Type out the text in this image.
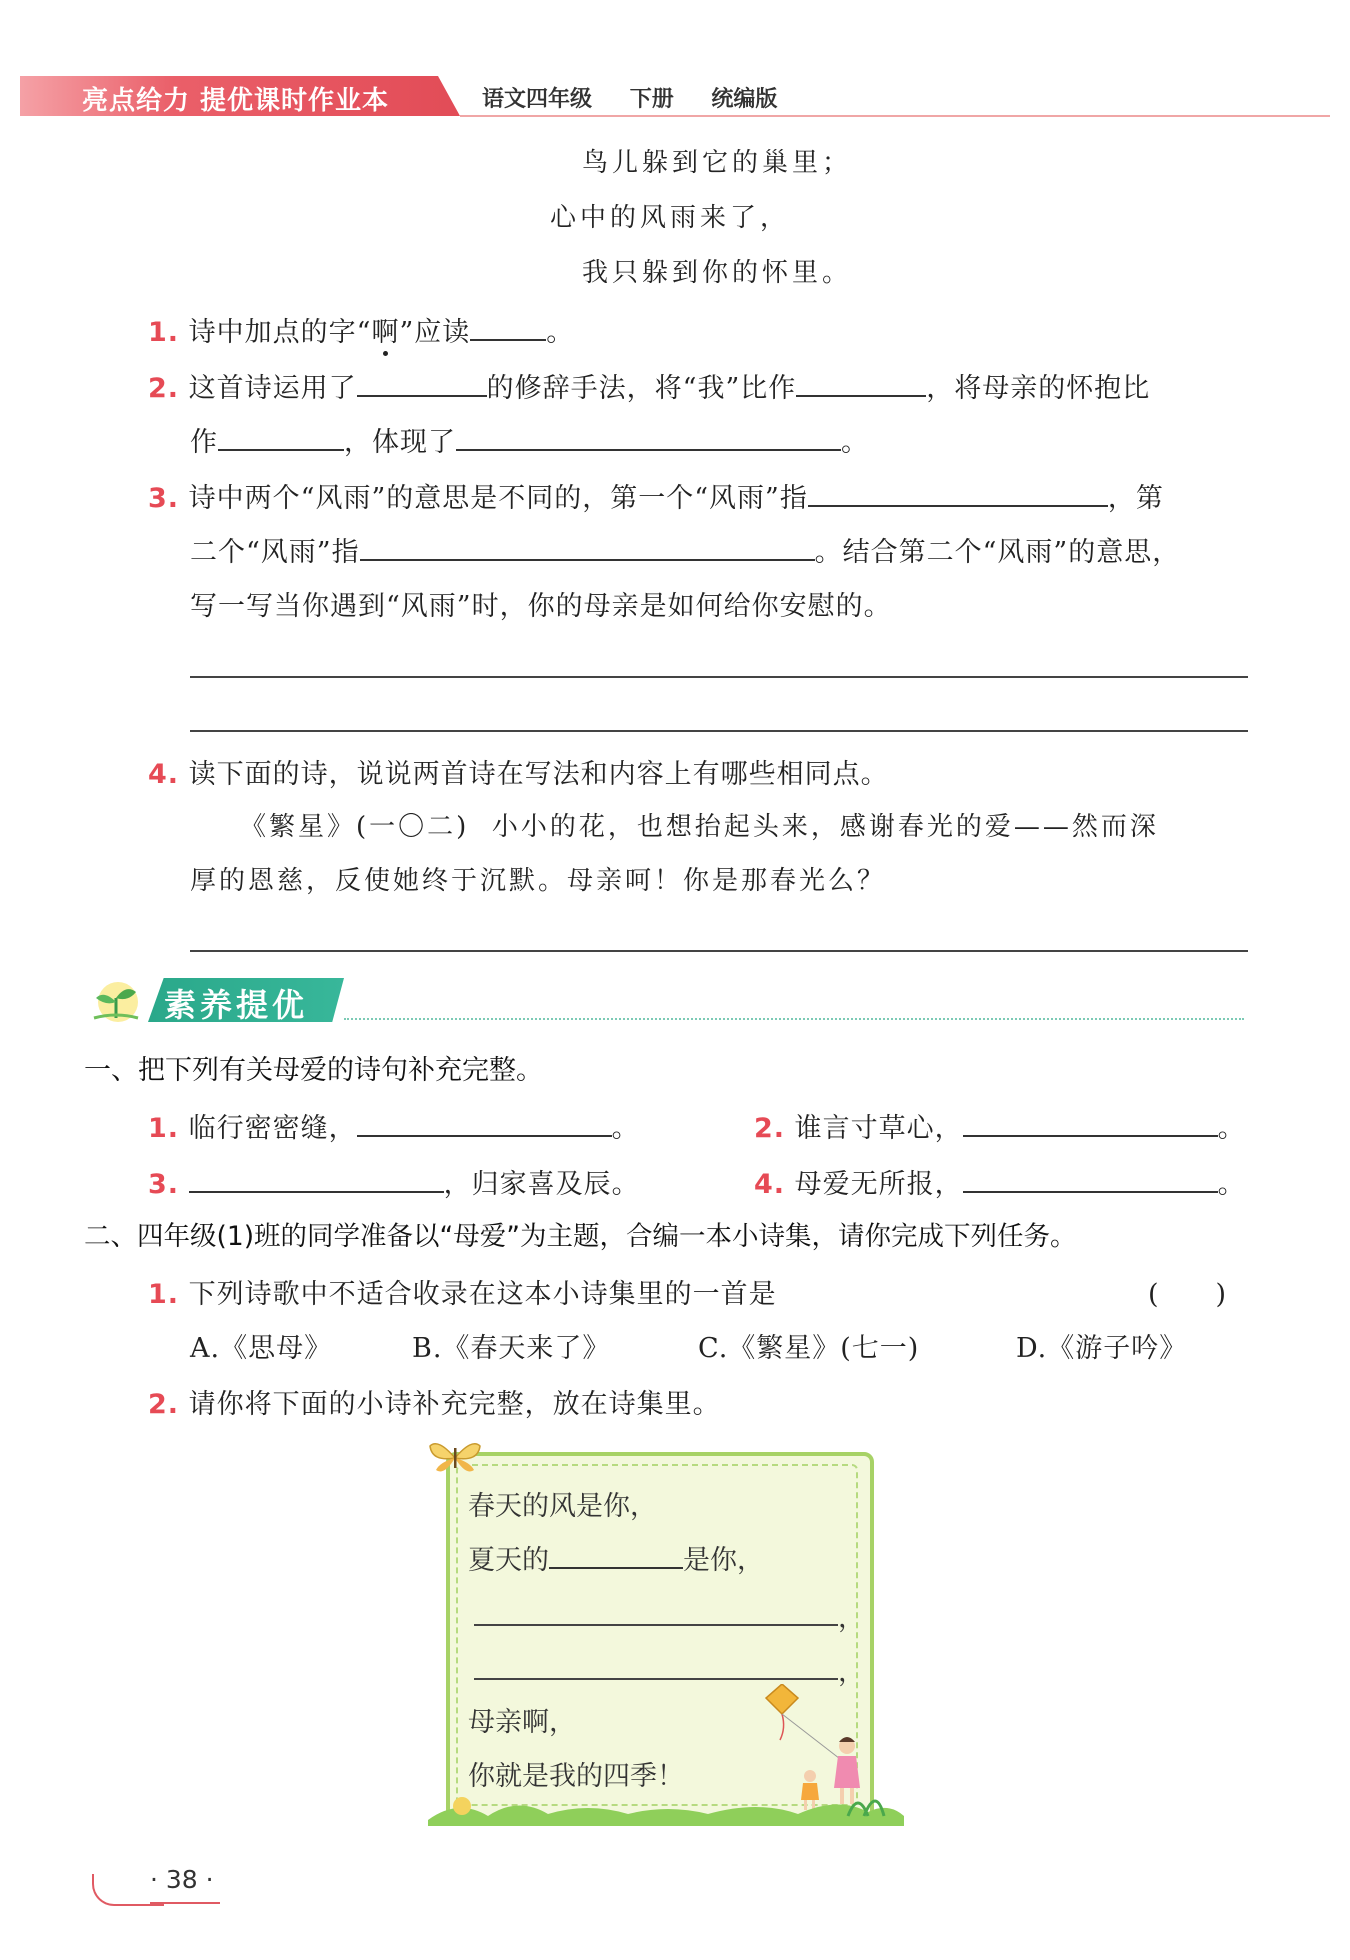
亮点给力 提优课时作业本	语文四年级 下册 统编版
鸟儿躲到它的巢里；
心中的风雨来了，
我只躲到你的怀里。
1. 诗中加点的字“啊”应读	。
2. 这首诗运用了	的修辞手法，将“我”比作	，将母亲的怀抱比
作	，体现了	。
3. 诗中两个“风雨”的意思是不同的，第一个“风雨”指	，第
二个“风雨”指	。结合第二个“风雨”的意思，
写一写当你遇到“风雨”时，你的母亲是如何给你安慰的。
4. 读下面的诗，说说两首诗在写法和内容上有哪些相同点。
《繁星》(一〇二) 小小的花，也想抬起头来，感谢春光的爱——然而深
厚的恩慈，反使她终于沉默。母亲呵！你是那春光么？
素养提优
一、把下列有关母爱的诗句补充完整。
1. 临行密密缝，	。	2. 谁言寸草心，	。
3.	，归家喜及辰。	4. 母爱无所报，	。
二、四年级(1)班的同学准备以“母爱”为主题，合编一本小诗集，请你完成下列任务。
1. 下列诗歌中不适合收录在这本小诗集里的一首是	(　　)
A.《思母》	B.《春天来了》	C.《繁星》(七一)	D.《游子吟》
2. 请你将下面的小诗补充完整，放在诗集里。
春天的风是你，
夏天的	是你，
，
，
母亲啊，
你就是我的四季！
· 38 ·
